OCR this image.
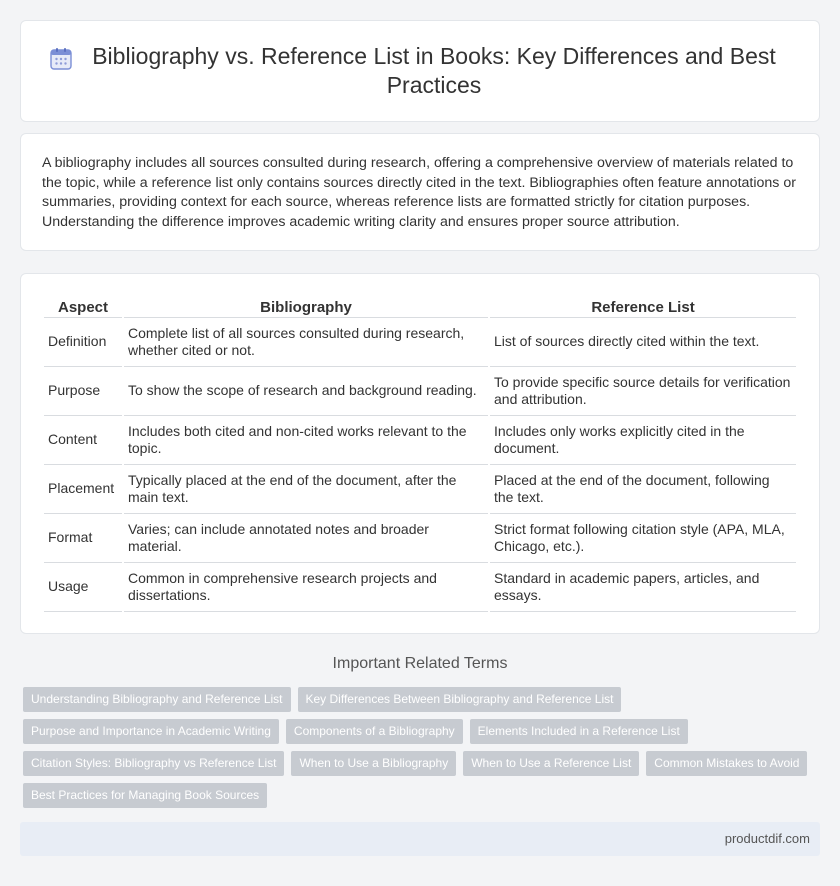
Bibliography vs. Reference List in Books: Key Differences and Best Practices

A bibliography includes all sources consulted during research, offering a comprehensive overview of materials related to the topic, while a reference list only contains sources directly cited in the text. Bibliographies often feature annotations or summaries, providing context for each source, whereas reference lists are formatted strictly for citation purposes. Understanding the difference improves academic writing clarity and ensures proper source attribution.

Aspect	Bibliography	Reference List
Definition	Complete list of all sources consulted during research, whether cited or not.	List of sources directly cited within the text.
Purpose	To show the scope of research and background reading.	To provide specific source details for verification and attribution.
Content	Includes both cited and non-cited works relevant to the topic.	Includes only works explicitly cited in the document.
Placement	Typically placed at the end of the document, after the main text.	Placed at the end of the document, following the text.
Format	Varies; can include annotated notes and broader material.	Strict format following citation style (APA, MLA, Chicago, etc.).
Usage	Common in comprehensive research projects and dissertations.	Standard in academic papers, articles, and essays.
Important Related Terms
Understanding Bibliography and Reference List	Key Differences Between Bibliography and Reference List
Purpose and Importance in Academic Writing	Components of a Bibliography	Elements Included in a Reference List
Citation Styles: Bibliography vs Reference List	When to Use a Bibliography	When to Use a Reference List	Common Mistakes to Avoid
Best Practices for Managing Book Sources
productdif.com
